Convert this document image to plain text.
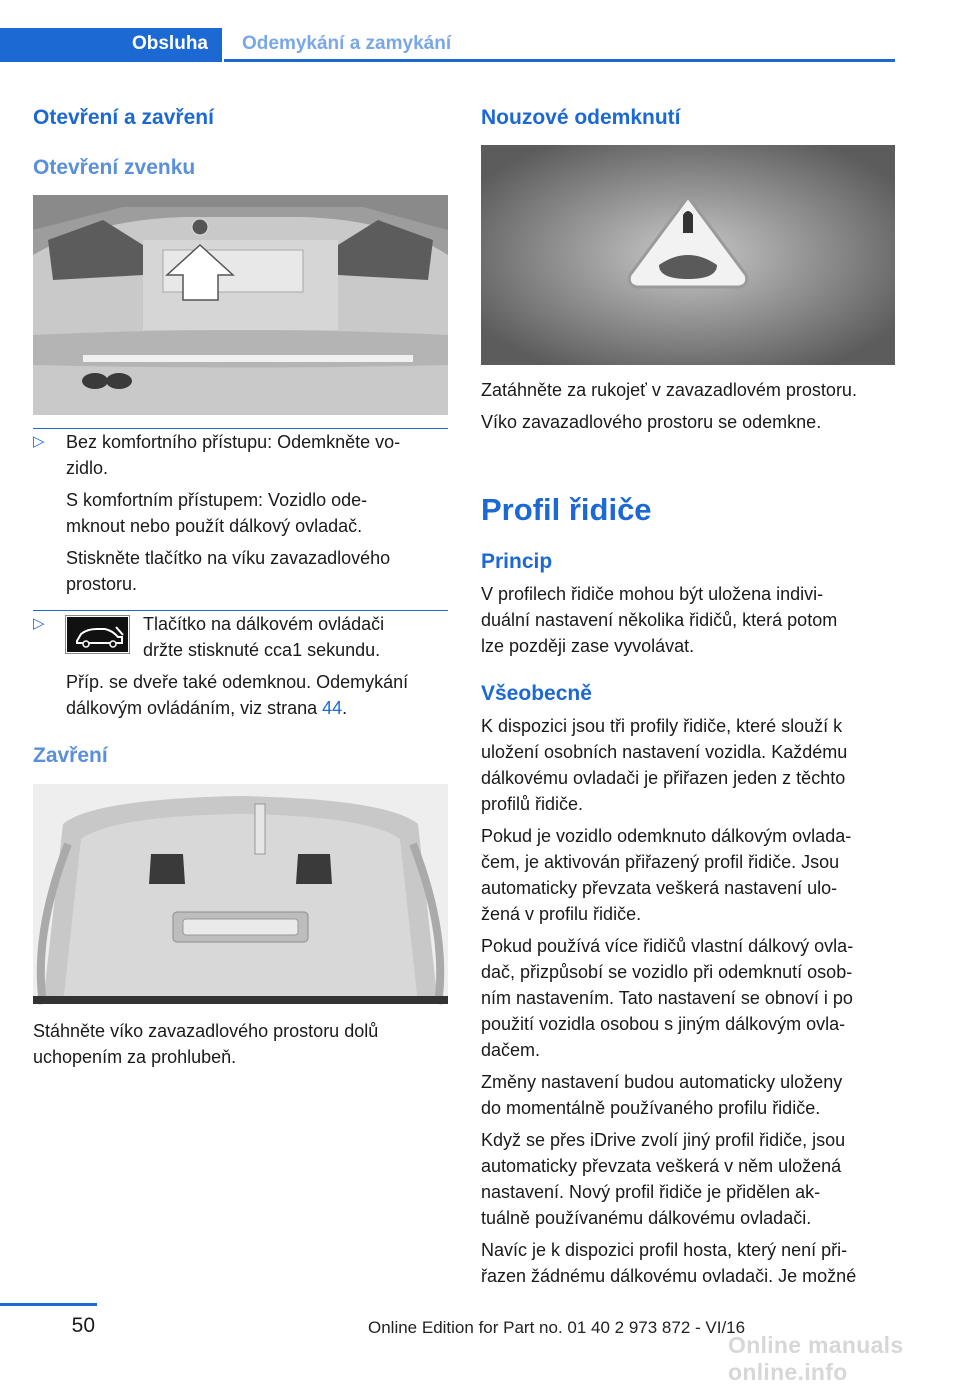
Obsluha	Odemykání a zamykání
Otevření a zavření
Otevření zvenku
▷ Bez komfortního přístupu: Odemkněte vo-

zidlo.

S komfortním přístupem: Vozidlo ode-

mknout nebo použít dálkový ovladač.

Stiskněte tlačítko na víku zavazadlového

prostoru.

▷	Tlačítko na dálkovém ovládači

držte stisknuté cca1 sekundu.

Příp. se dveře také odemknou. Odemykání

dálkovým ovládáním, viz strana 44.

Zavření

Stáhněte víko zavazadlového prostoru dolů

uchopením za prohlubeň.

Nouzové odemknutí

Zatáhněte za rukojeť v zavazadlovém prostoru.

Víko zavazadlového prostoru se odemkne.

Profil řidiče
Princip

V profilech řidiče mohou být uložena indivi-

duální nastavení několika řidičů, která potom

lze později zase vyvolávat.

Všeobecně

K dispozici jsou tři profily řidiče, které slouží k

uložení osobních nastavení vozidla. Každému

dálkovému ovladači je přiřazen jeden z těchto

profilů řidiče.

Pokud je vozidlo odemknuto dálkovým ovlada-

čem, je aktivován přiřazený profil řidiče. Jsou

automaticky převzata veškerá nastavení ulo-

žená v profilu řidiče.

Pokud používá více řidičů vlastní dálkový ovla-

dač, přizpůsobí se vozidlo při odemknutí osob-

ním nastavením. Tato nastavení se obnoví i po

použití vozidla osobou s jiným dálkovým ovla-

dačem.

Změny nastavení budou automaticky uloženy

do momentálně používaného profilu řidiče.

Když se přes iDrive zvolí jiný profil řidiče, jsou

automaticky převzata veškerá v něm uložená

nastavení. Nový profil řidiče je přidělen ak-

tuálně používanému dálkovému ovladači.

Navíc je k dispozici profil hosta, který není při-

řazen žádnému dálkovému ovladači. Je možné

50	Online Edition for Part no. 01 40 2 973 872 - VI/16
Online manuals online.info
